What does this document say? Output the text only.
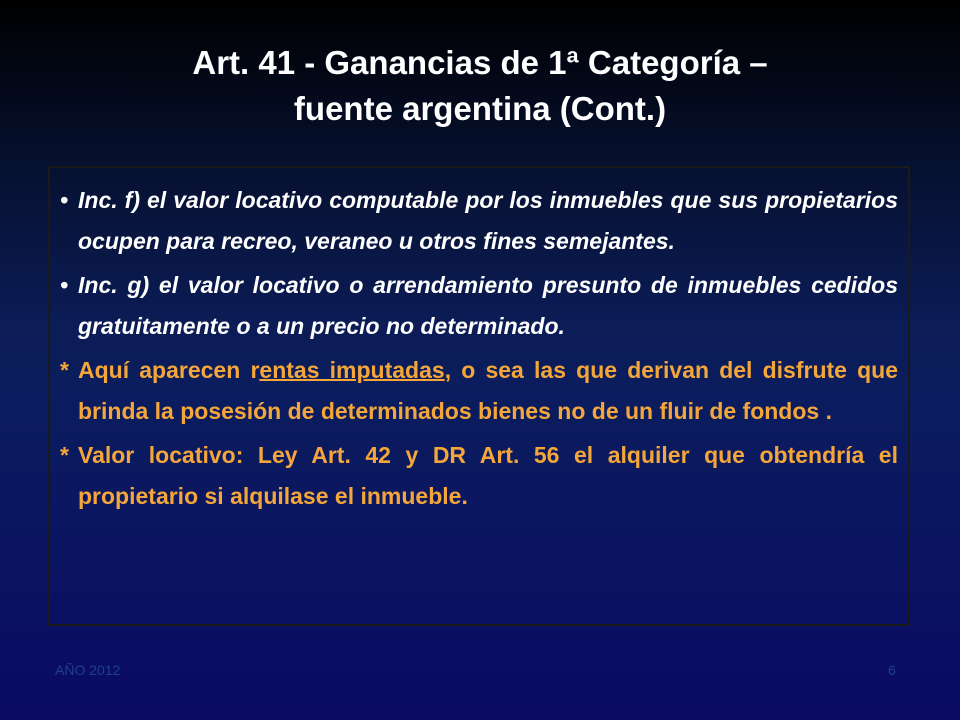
Art. 41 - Ganancias de 1ª Categoría –
fuente argentina (Cont.)

• Inc. f) el valor locativo computable por los inmuebles que sus propietarios ocupen para recreo, veraneo u otros fines semejantes.

• Inc. g) el valor locativo o arrendamiento presunto de inmuebles cedidos gratuitamente o a un precio no determinado.

* Aquí aparecen rentas imputadas, o sea las que derivan del disfrute que brinda la posesión de determinados bienes no de un fluir de fondos .

* Valor locativo: Ley Art. 42 y DR Art. 56 el alquiler que obtendría el propietario si alquilase el inmueble.

AÑO 2012	6
